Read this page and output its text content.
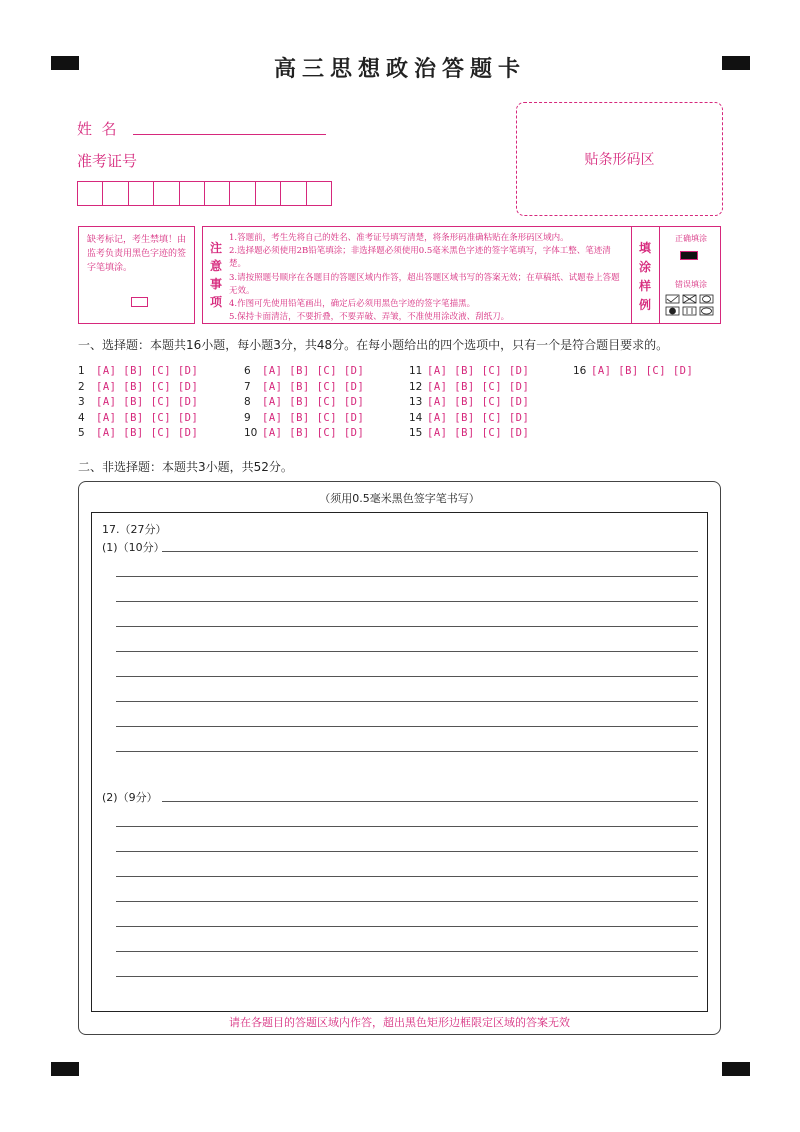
高三思想政治答题卡
姓  名
准考证号	贴条形码区
缺考标记，考生禁填！由监考负责用黑色字迹的签字笔填涂。
注意事项
1.答题前，考生先将自己的姓名、准考证号填写清楚，将条形码准确粘贴在条形码区域内。
2.选择题必须使用2B铅笔填涂；非选择题必须使用0.5毫米黑色字迹的签字笔填写，字体工整、笔迹清楚。
3.请按照题号顺序在各题目的答题区域内作答，超出答题区域书写的答案无效；在草稿纸、试题卷上答题无效。
4.作图可先使用铅笔画出，确定后必须用黑色字迹的签字笔描黑。
5.保持卡面清洁，不要折叠，不要弄破、弄皱，不准使用涂改液、刮纸刀。
填涂样例
正确填涂
错误填涂
一、选择题：本题共16小题，每小题3分，共48分。在每小题给出的四个选项中，只有一个是符合题目要求的。
1 [A] [B] [C] [D]
2 [A] [B] [C] [D]
3 [A] [B] [C] [D]
4 [A] [B] [C] [D]
5 [A] [B] [C] [D]
6 [A] [B] [C] [D]
7 [A] [B] [C] [D]
8 [A] [B] [C] [D]
9 [A] [B] [C] [D]
10 [A] [B] [C] [D]
11 [A] [B] [C] [D]
12 [A] [B] [C] [D]
13 [A] [B] [C] [D]
14 [A] [B] [C] [D]
15 [A] [B] [C] [D]
16 [A] [B] [C] [D]
二、非选择题：本题共3小题，共52分。
（须用0.5毫米黑色签字笔书写）
17.（27分）
(1)（10分）
(2)（9分）
请在各题目的答题区域内作答，超出黑色矩形边框限定区域的答案无效
